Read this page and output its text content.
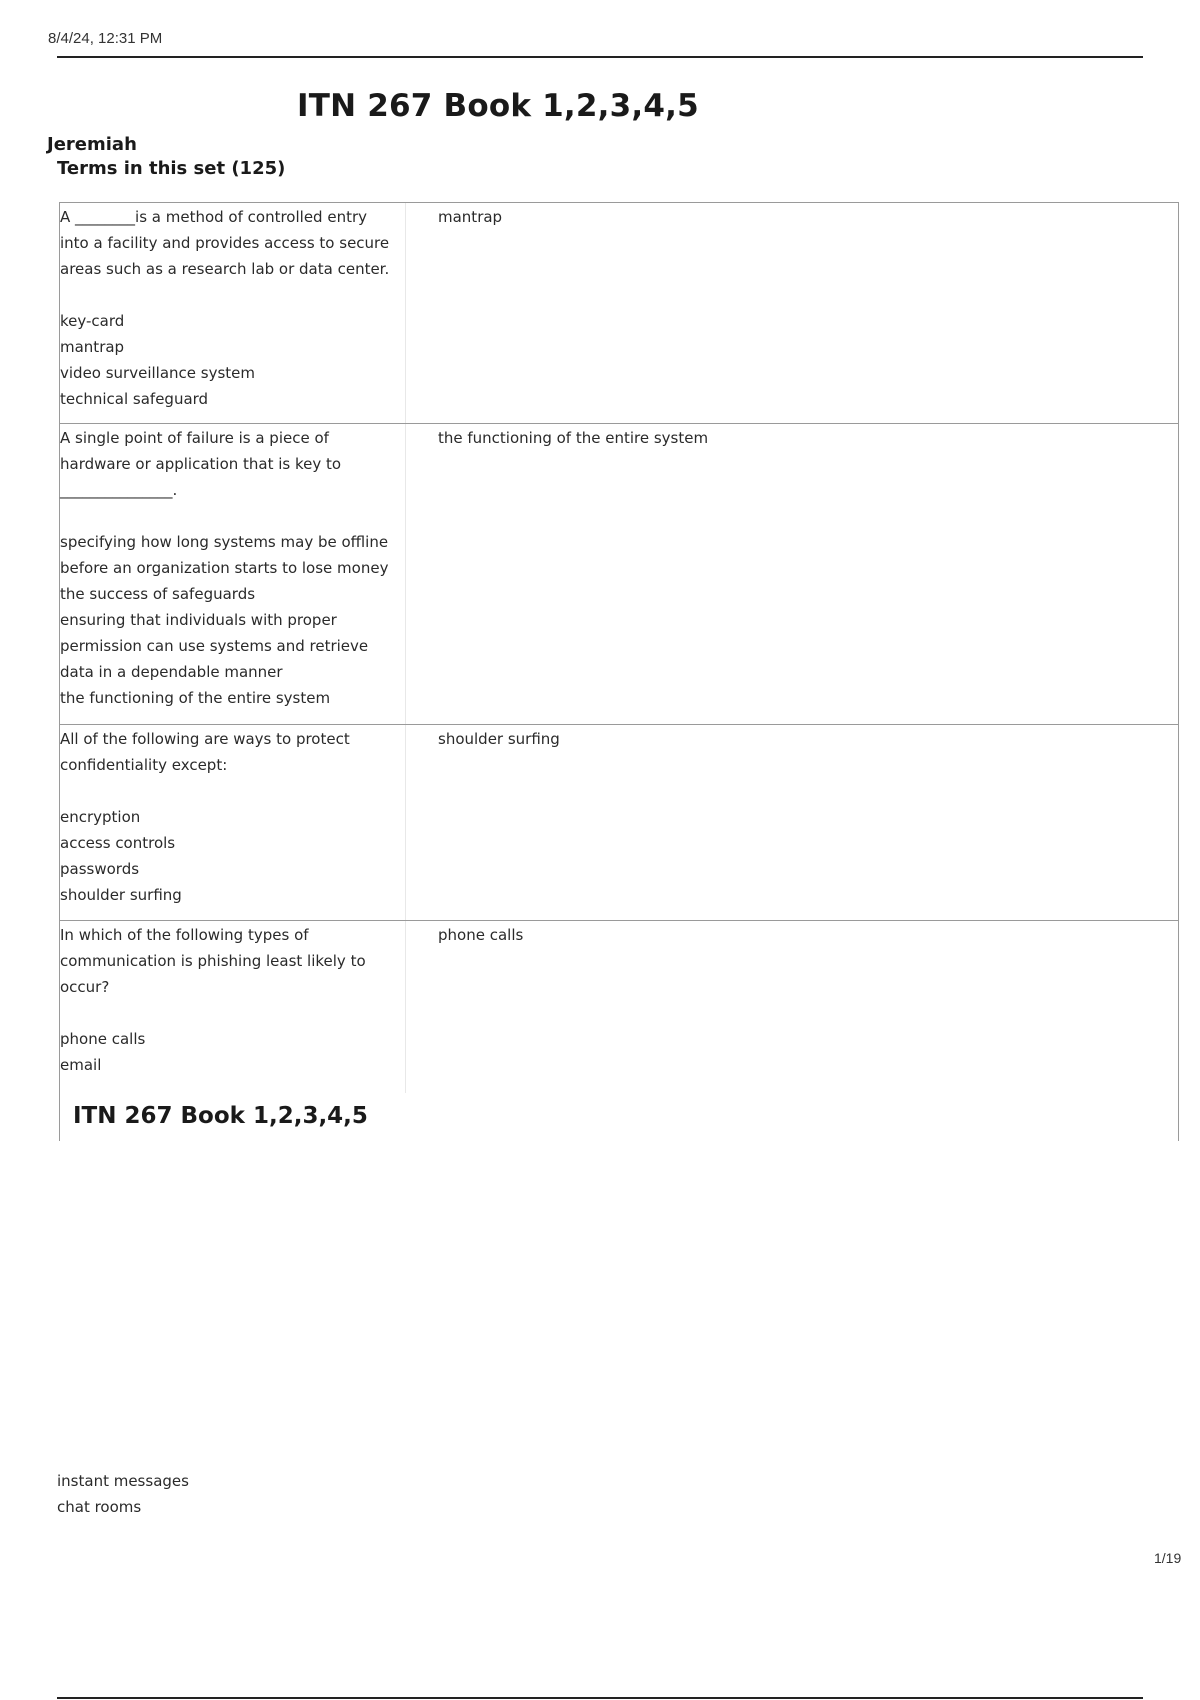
8/4/24, 12:31 PM
ITN 267 Book 1,2,3,4,5
Jeremiah
Terms in this set (125)
A ________is a method of controlled entry
into a facility and provides access to secure
areas such as a research lab or data center.

key-card
mantrap
video surveillance system
technical safeguard
mantrap
A single point of failure is a piece of
hardware or application that is key to
_______________.

specifying how long systems may be offline
before an organization starts to lose money
the success of safeguards
ensuring that individuals with proper
permission can use systems and retrieve
data in a dependable manner
the functioning of the entire system
the functioning of the entire system
All of the following are ways to protect
confidentiality except:

encryption
access controls
passwords
shoulder surfing
shoulder surfing
In which of the following types of
communication is phishing least likely to
occur?

phone calls
email
phone calls
ITN 267 Book 1,2,3,4,5
instant messages
chat rooms
1/19
